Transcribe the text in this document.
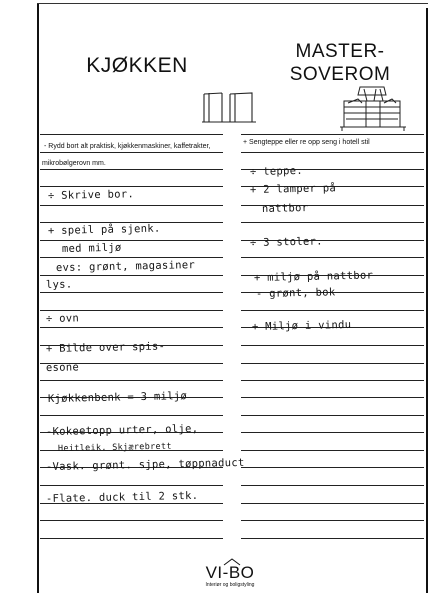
KJØKKEN
MASTER-
SOVEROM
- Rydd bort alt praktisk, kjøkkenmaskiner, kaffetrakter,
mikrobølgerovn mm.
+ Sengteppe eller re opp seng i hotell stil
÷ Skrive bor.
+ speil på sjenk.
med miljø
evs: grønt, magasiner
lys.
÷ ovn
+ Bilde over spis-
esone
Kjøkkenbenk = 3 miljø
-Kokeetopp urter, olje,
Heitleik. Skjærebrett
-Vask. grønt. sjpe, tøppnaduct
-Flate. duck til 2 stk.
÷ teppe.
+ 2 lamper på
nattbor
÷ 3 stoler.
+ miljø på nattbor
- grønt, bok
+ Miljø i vindu
VI-BO
Interiør og boligstyling
